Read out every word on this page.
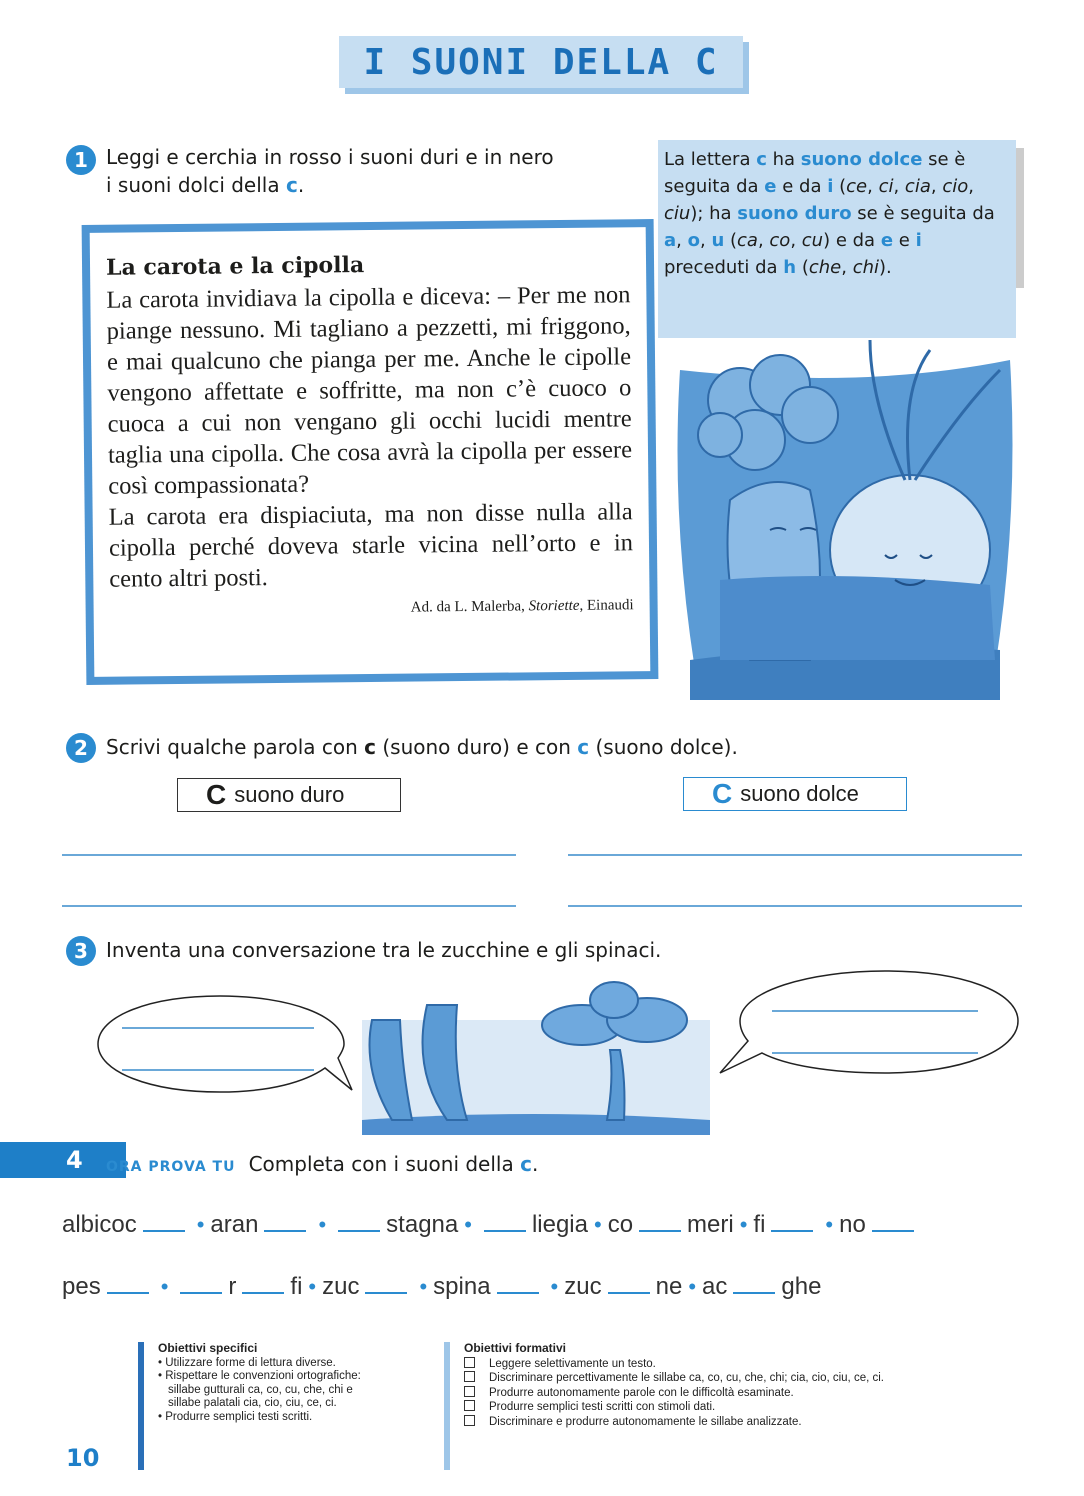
I SUONI DELLA C
1 Leggi e cerchia in rosso i suoni duri e in nero
i suoni dolci della c.
La lettera c ha suono dolce se è seguita da e e da i (ce, ci, cia, cio, ciu); ha suono duro se è seguita da a, o, u (ca, co, cu) e da e e i preceduti da h (che, chi).
La carota e la cipolla
La carota invidiava la cipolla e diceva: – Per me non piange nessuno. Mi tagliano a pezzetti, mi friggono, e mai qualcuno che pianga per me. Anche le cipolle vengono affettate e soffritte, ma non c’è cuoco o cuoca a cui non vengano gli occhi lucidi mentre taglia una cipolla. Che cosa avrà la cipolla per essere così compassionata?
La carota era dispiaciuta, ma non disse nulla alla cipolla perché doveva starle vicina nell’orto e in cento altri posti.
Ad. da L. Malerba, Storiette, Einaudi
2 Scrivi qualche parola con c (suono duro) e con c (suono dolce).
C suono duro	C suono dolce
3 Inventa una conversazione tra le zucchine e gli spinaci.
4 ORA PROVA TU Completa con i suoni della c.
albicoc	• aran	•	stagna •	liegia • co meri • fi	• no
pes	•	r fi • zuc	• spina	• zuc ne • ac ghe
Obiettivi specifici
• Utilizzare forme di lettura diverse.
• Rispettare le convenzioni ortografiche:
sillabe gutturali ca, co, cu, che, chi e
sillabe palatali cia, cio, ciu, ce, ci.
• Produrre semplici testi scritti.
Obiettivi formativi
Leggere selettivamente un testo.
Discriminare percettivamente le sillabe ca, co, cu, che, chi; cia, cio, ciu, ce, ci.
Produrre autonomamente parole con le difficoltà esaminate.
Produrre semplici testi scritti con stimoli dati.
Discriminare e produrre autonomamente le sillabe analizzate.
10
